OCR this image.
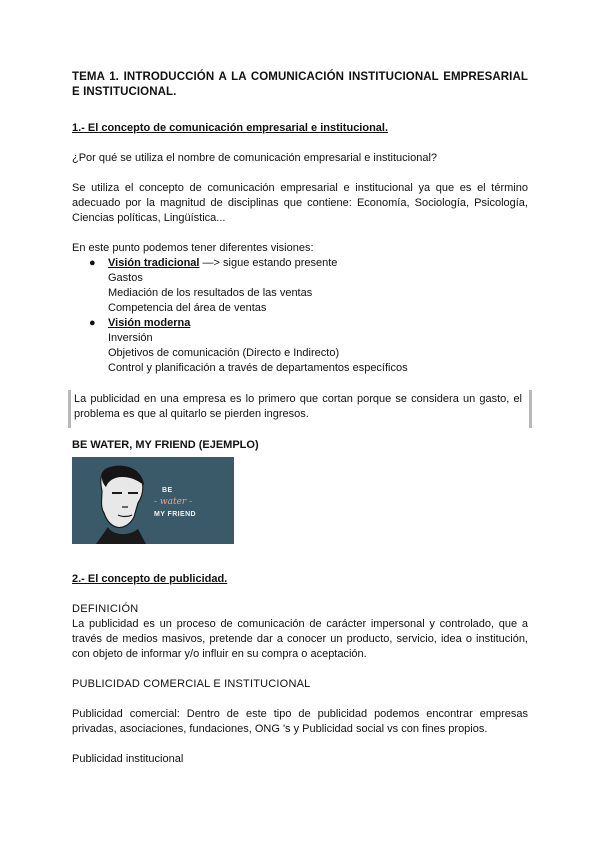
TEMA 1. INTRODUCCIÓN A LA COMUNICACIÓN INSTITUCIONAL EMPRESARIAL E INSTITUCIONAL.
1.- El concepto de comunicación empresarial e institucional.

¿Por qué se utiliza el nombre de comunicación empresarial e institucional?

Se utiliza el concepto de comunicación empresarial e institucional ya que es el término adecuado por la magnitud de disciplinas que contiene: Economía, Sociología, Psicología, Ciencias políticas, Lingüística...

En este punto podemos tener diferentes visiones:

● Visión tradicional —> sigue estando presente
Gastos
Mediación de los resultados de las ventas
Competencia del área de ventas
● Visión moderna
Inversión
Objetivos de comunicación (Directo e Indirecto)
Control y planificación a través de departamentos específicos
La publicidad en una empresa es lo primero que cortan porque se considera un gasto, el problema es que al quitarlo se pierden ingresos.
BE WATER, MY FRIEND (EJEMPLO)
BE
- water -
MY FRIEND
2.- El concepto de publicidad.

DEFINICIÓN

La publicidad es un proceso de comunicación de carácter impersonal y controlado, que a través de medios masivos, pretende dar a conocer un producto, servicio, idea o institución, con objeto de informar y/o influir en su compra o aceptación.

PUBLICIDAD COMERCIAL E INSTITUCIONAL

Publicidad comercial: Dentro de este tipo de publicidad podemos encontrar empresas privadas, asociaciones, fundaciones, ONG 's y Publicidad social vs con fines propios.

Publicidad institucional
